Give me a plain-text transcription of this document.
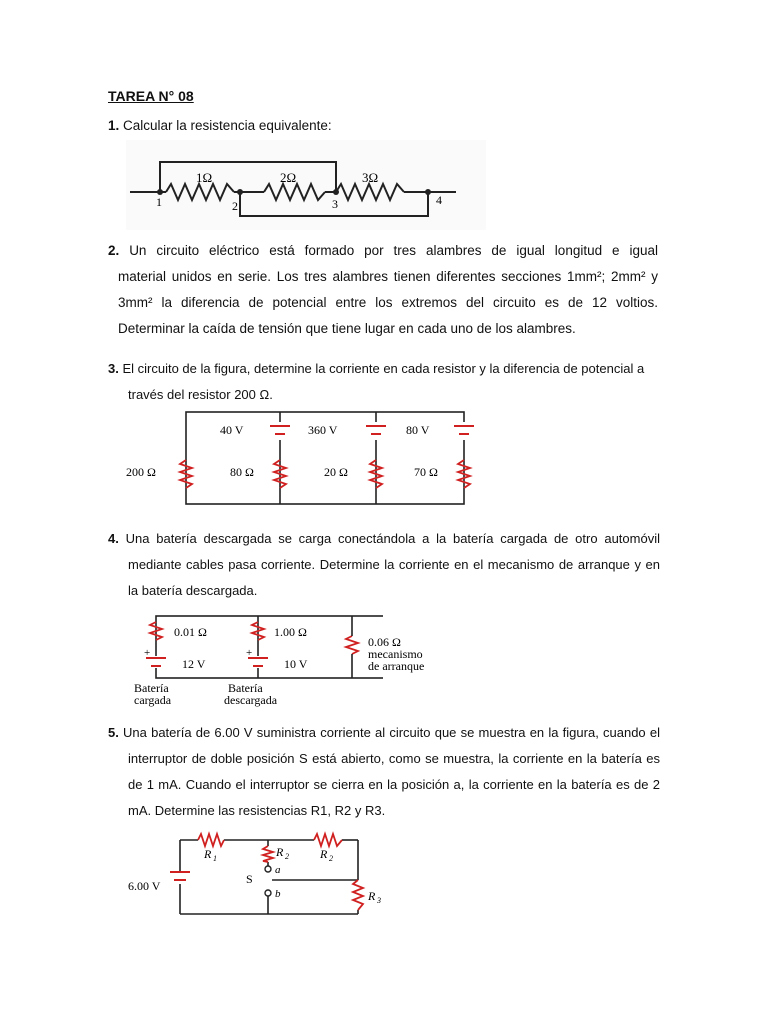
TAREA N° 08
1. Calcular la resistencia equivalente:
1Ω	2Ω	3Ω
1	2	3	4
2. Un circuito eléctrico está formado por tres alambres de igual longitud e igual
material unidos en serie. Los tres alambres tienen diferentes secciones 1mm²; 2mm² y
3mm² la diferencia de potencial entre los extremos del circuito es de 12 voltios.
Determinar la caída de tensión que tiene lugar en cada uno de los alambres.
3. El circuito de la figura, determine la corriente en cada resistor y la diferencia de potencial a
través del resistor 200 Ω.
40 V	360 V	80 V
200 Ω	80 Ω	20 Ω	70 Ω
4. Una batería descargada se carga conectándola a la batería cargada de otro automóvil
mediante cables pasa corriente. Determine la corriente en el mecanismo de arranque y en
la batería descargada.
0.01 Ω	1.00 Ω
0.06 Ω
mecanismo
de arranque
+	+
12 V	10 V
Batería
cargada
Batería
descargada
5. Una batería de 6.00 V suministra corriente al circuito que se muestra en la figura, cuando el
interruptor de doble posición S está abierto, como se muestra, la corriente en la batería es
de 1 mA. Cuando el interruptor se cierra en la posición a, la corriente en la batería es de 2
mA. Determine las resistencias R1, R2 y R3.
R 1	R 2	R 2
R 3
6.00 V	S
a
b
